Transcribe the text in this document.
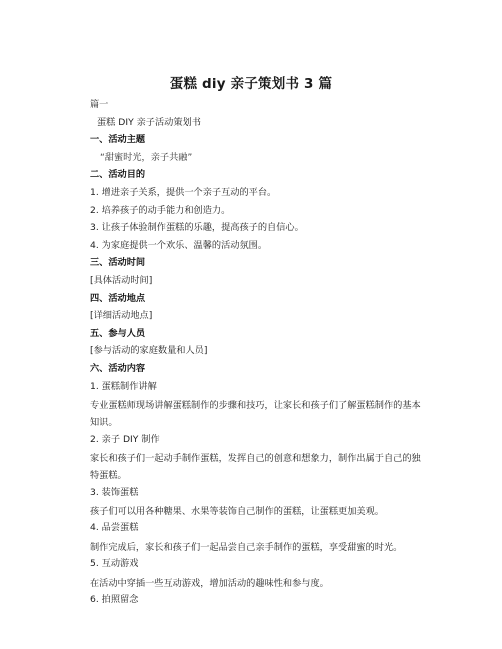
蛋糕 diy 亲子策划书 3 篇
篇一
蛋糕 DIY 亲子活动策划书
一、活动主题
“甜蜜时光，亲子共融”
二、活动目的
1. 增进亲子关系，提供一个亲子互动的平台。
2. 培养孩子的动手能力和创造力。
3. 让孩子体验制作蛋糕的乐趣，提高孩子的自信心。
4. 为家庭提供一个欢乐、温馨的活动氛围。
三、活动时间
[具体活动时间]
四、活动地点
[详细活动地点]
五、参与人员
[参与活动的家庭数量和人员]
六、活动内容
1. 蛋糕制作讲解
专业蛋糕师现场讲解蛋糕制作的步骤和技巧，让家长和孩子们了解蛋糕制作的基本知识。
2. 亲子 DIY 制作
家长和孩子们一起动手制作蛋糕，发挥自己的创意和想象力，制作出属于自己的独特蛋糕。
3. 装饰蛋糕
孩子们可以用各种糖果、水果等装饰自己制作的蛋糕，让蛋糕更加美观。
4. 品尝蛋糕
制作完成后，家长和孩子们一起品尝自己亲手制作的蛋糕，享受甜蜜的时光。
5. 互动游戏
在活动中穿插一些互动游戏，增加活动的趣味性和参与度。
6. 拍照留念
